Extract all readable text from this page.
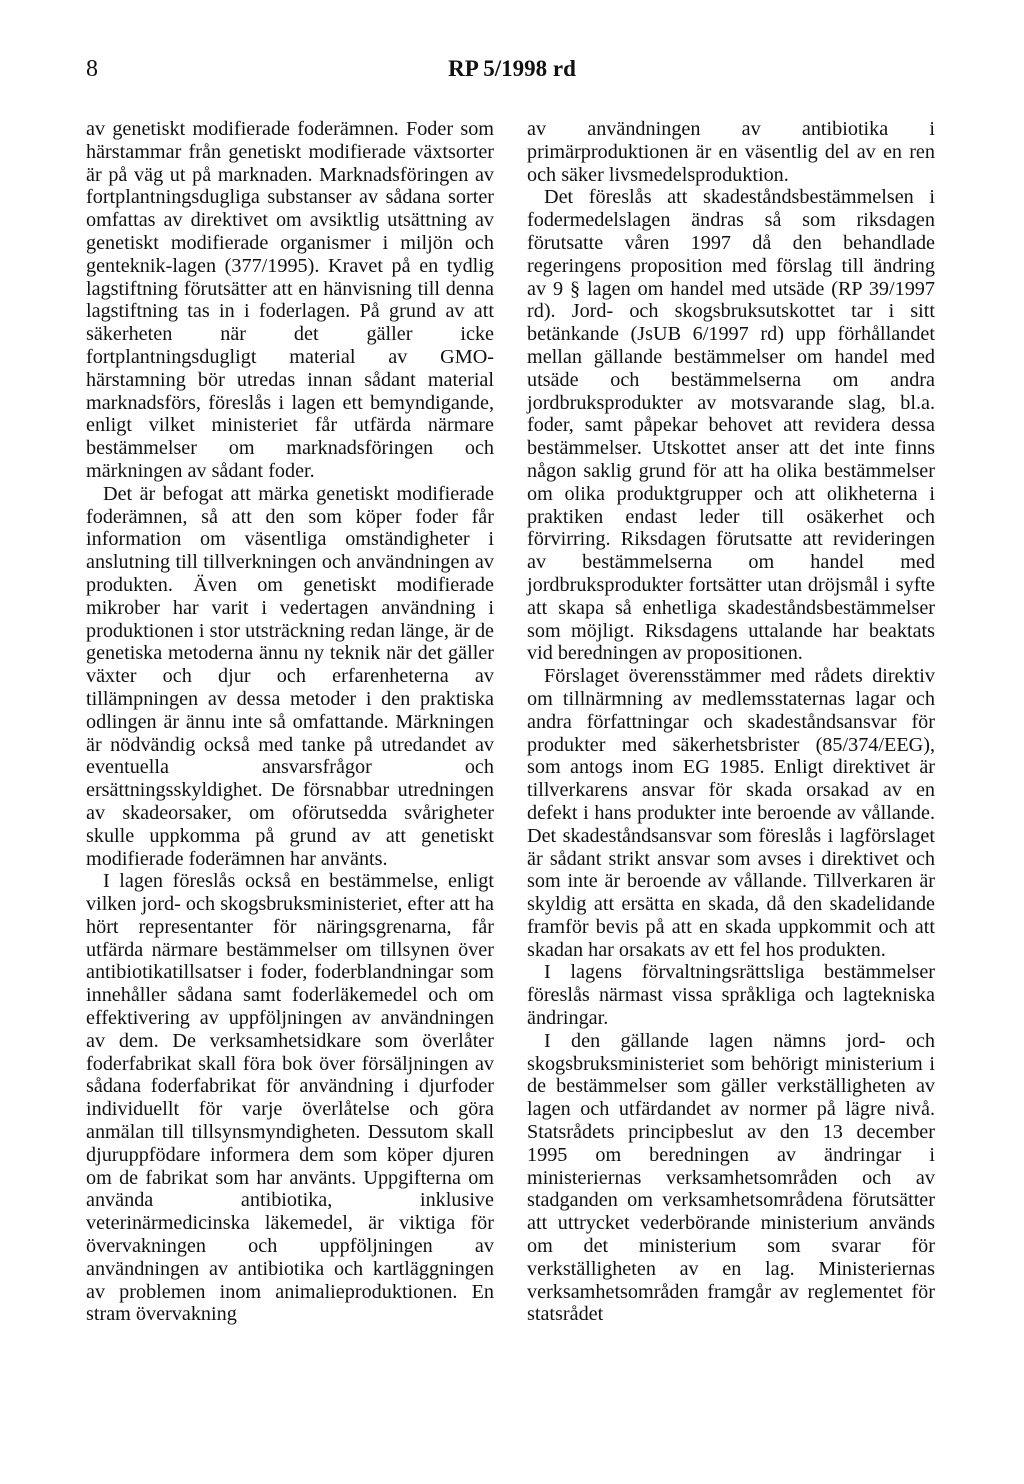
8	RP 5/1998 rd

av genetiskt modifierade foderämnen. Foder som härstammar från genetiskt modifierade växtsorter är på väg ut på marknaden. Marknadsföringen av fortplantningsdugliga substanser av sådana sorter omfattas av direktivet om avsiktlig utsättning av genetiskt modifierade organismer i miljön och genteknik-lagen (377/1995). Kravet på en tydlig lagstiftning förutsätter att en hänvisning till denna lagstiftning tas in i foderlagen. På grund av att säkerheten när det gäller icke fortplantningsdugligt material av GMO-härstamning bör utredas innan sådant material marknadsförs, föreslås i lagen ett bemyndigande, enligt vilket ministeriet får utfärda närmare bestämmelser om marknadsföringen och märkningen av sådant foder.

Det är befogat att märka genetiskt modifierade foderämnen, så att den som köper foder får information om väsentliga omständigheter i anslutning till tillverkningen och användningen av produkten. Även om genetiskt modifierade mikrober har varit i vedertagen användning i produktionen i stor utsträckning redan länge, är de genetiska metoderna ännu ny teknik när det gäller växter och djur och erfarenheterna av tillämpningen av dessa metoder i den praktiska odlingen är ännu inte så omfattande. Märkningen är nödvändig också med tanke på utredandet av eventuella ansvarsfrågor och ersättningsskyldighet. De försnabbar utredningen av skadeorsaker, om oförutsedda svårigheter skulle uppkomma på grund av att genetiskt modifierade foderämnen har använts.

I lagen föreslås också en bestämmelse, enligt vilken jord- och skogsbruksministeriet, efter att ha hört representanter för näringsgrenarna, får utfärda närmare bestämmelser om tillsynen över antibiotikatillsatser i foder, foderblandningar som innehåller sådana samt foderläkemedel och om effektivering av uppföljningen av användningen av dem. De verksamhetsidkare som överlåter foderfabrikat skall föra bok över försäljningen av sådana foderfabrikat för användning i djurfoder individuellt för varje överlåtelse och göra anmälan till tillsynsmyndigheten. Dessutom skall djuruppfödare informera dem som köper djuren om de fabrikat som har använts. Uppgifterna om använda antibiotika, inklusive veterinärmedicinska läkemedel, är viktiga för övervakningen och uppföljningen av användningen av antibiotika och kartläggningen av problemen inom animalieproduktionen. En stram övervakning

av användningen av antibiotika i primärproduktionen är en väsentlig del av en ren och säker livsmedelsproduktion.

Det föreslås att skadeståndsbestämmelsen i fodermedelslagen ändras så som riksdagen förutsatte våren 1997 då den behandlade regeringens proposition med förslag till ändring av 9 § lagen om handel med utsäde (RP 39/1997 rd). Jord- och skogsbruksutskottet tar i sitt betänkande (JsUB 6/1997 rd) upp förhållandet mellan gällande bestämmelser om handel med utsäde och bestämmelserna om andra jordbruksprodukter av motsvarande slag, bl.a. foder, samt påpekar behovet att revidera dessa bestämmelser. Utskottet anser att det inte finns någon saklig grund för att ha olika bestämmelser om olika produktgrupper och att olikheterna i praktiken endast leder till osäkerhet och förvirring. Riksdagen förutsatte att revideringen av bestämmelserna om handel med jordbruksprodukter fortsätter utan dröjsmål i syfte att skapa så enhetliga skadeståndsbestämmelser som möjligt. Riksdagens uttalande har beaktats vid beredningen av propositionen.

Förslaget överensstämmer med rådets direktiv om tillnärmning av medlemsstaternas lagar och andra författningar och skadeståndsansvar för produkter med säkerhetsbrister (85/374/EEG), som antogs inom EG 1985. Enligt direktivet är tillverkarens ansvar för skada orsakad av en defekt i hans produkter inte beroende av vållande. Det skadeståndsansvar som föreslås i lagförslaget är sådant strikt ansvar som avses i direktivet och som inte är beroende av vållande. Tillverkaren är skyldig att ersätta en skada, då den skadelidande framför bevis på att en skada uppkommit och att skadan har orsakats av ett fel hos produkten.

I lagens förvaltningsrättsliga bestämmelser föreslås närmast vissa språkliga och lagtekniska ändringar.

I den gällande lagen nämns jord- och skogsbruksministeriet som behörigt ministerium i de bestämmelser som gäller verkställigheten av lagen och utfärdandet av normer på lägre nivå. Statsrådets principbeslut av den 13 december 1995 om beredningen av ändringar i ministeriernas verksamhetsområden och av stadganden om verksamhetsområdena förutsätter att uttrycket vederbörande ministerium används om det ministerium som svarar för verkställigheten av en lag. Ministeriernas verksamhetsområden framgår av reglementet för statsrådet
